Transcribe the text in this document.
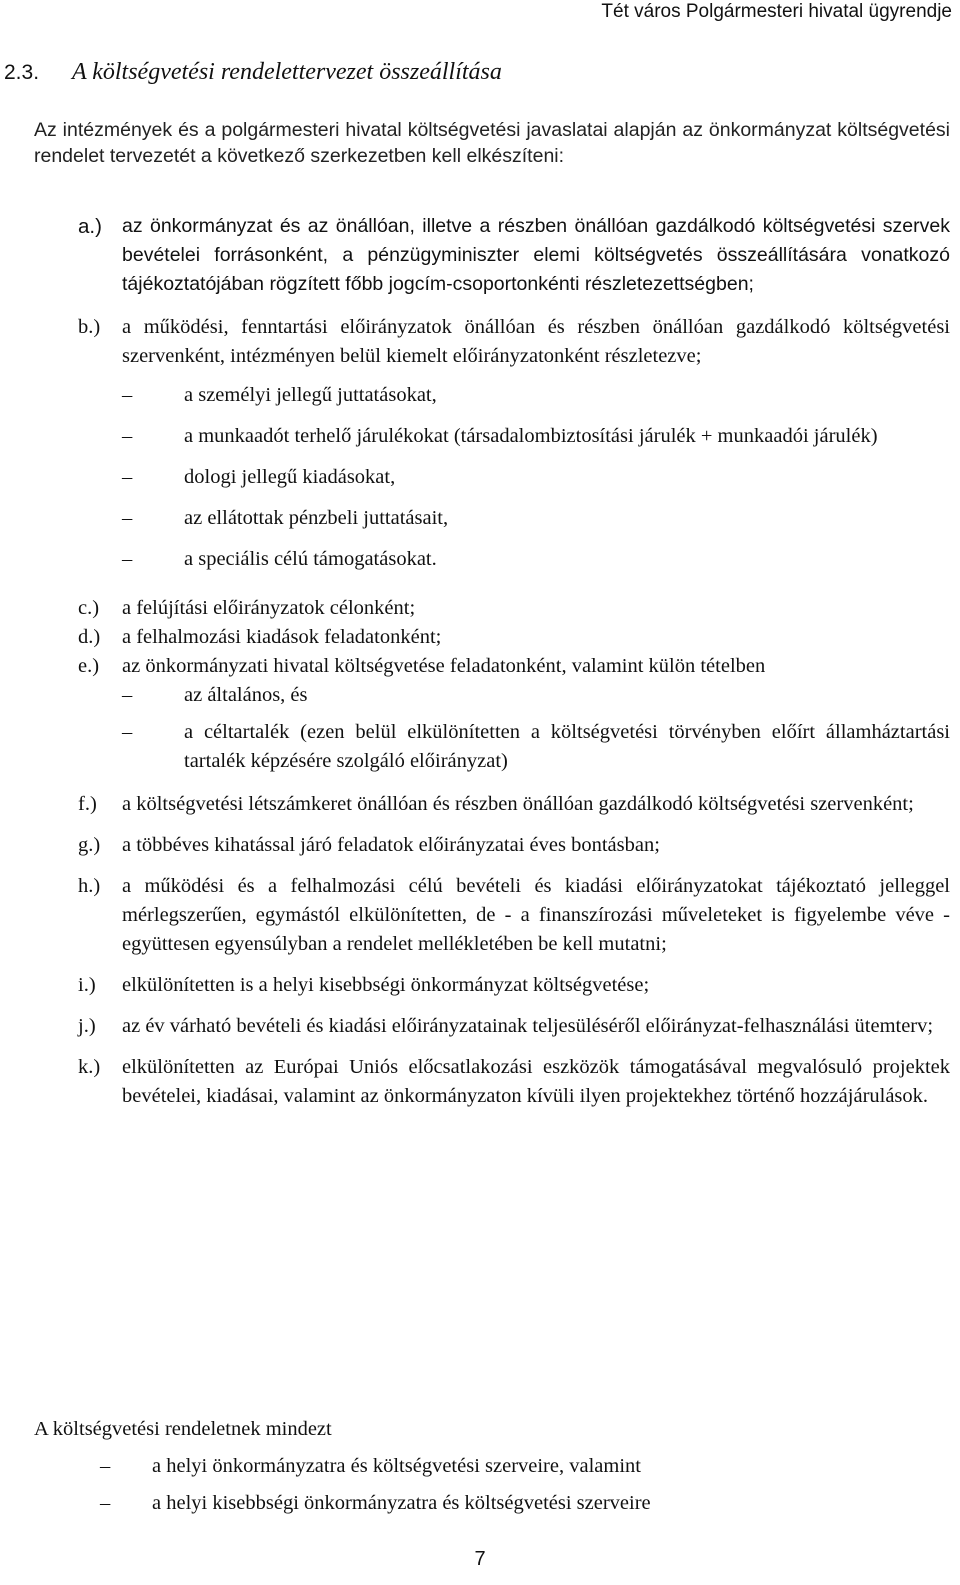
Tét város Polgármesteri hivatal ügyrendje
2.3. A költségvetési rendelettervezet összeállítása
Az intézmények és a polgármesteri hivatal költségvetési javaslatai alapján az önkormányzat költségvetési rendelet tervezetét a következő szerkezetben kell elkészíteni:
a.) az önkormányzat és az önállóan, illetve a részben önállóan gazdálkodó költségvetési szervek bevételei forrásonként, a pénzügyminiszter elemi költségvetés összeállítására vonatkozó tájékoztatójában rögzített főbb jogcím-csoportonkénti részletezettségben;
b.) a működési, fenntartási előirányzatok önállóan és részben önállóan gazdálkodó költségvetési szervenként, intézményen belül kiemelt előirányzatonként részletezve;
–	a személyi jellegű juttatásokat,
–	a munkaadót terhelő járulékokat (társadalombiztosítási járulék + munkaadói járulék)
–	dologi jellegű kiadásokat,
–	az ellátottak pénzbeli juttatásait,
–	a speciális célú támogatásokat.
c.) a felújítási előirányzatok célonként;
d.) a felhalmozási kiadások feladatonként;
e.) az önkormányzati hivatal költségvetése feladatonként, valamint külön tételben
–	az általános, és
–	a céltartalék (ezen belül elkülönítetten a költségvetési törvényben előírt államháztartási tartalék képzésére szolgáló előirányzat)
f.) a költségvetési létszámkeret önállóan és részben önállóan gazdálkodó költségvetési szervenként;
g.) a többéves kihatással járó feladatok előirányzatai éves bontásban;
h.) a működési és a felhalmozási célú bevételi és kiadási előirányzatokat tájékoztató jelleggel mérlegszerűen, egymástól elkülönítetten, de - a finanszírozási műveleteket is figyelembe véve - együttesen egyensúlyban a rendelet mellékletében be kell mutatni;
i.) elkülönítetten is a helyi kisebbségi önkormányzat költségvetése;
j.) az év várható bevételi és kiadási előirányzatainak teljesüléséről előirányzat-felhasználási ütemterv;
k.) elkülönítetten az Európai Uniós előcsatlakozási eszközök támogatásával megvalósuló projektek bevételei, kiadásai, valamint az önkormányzaton kívüli ilyen projektekhez történő hozzájárulások.
A költségvetési rendeletnek mindezt
– a helyi önkormányzatra és költségvetési szerveire, valamint
– a helyi kisebbségi önkormányzatra és költségvetési szerveire
7
